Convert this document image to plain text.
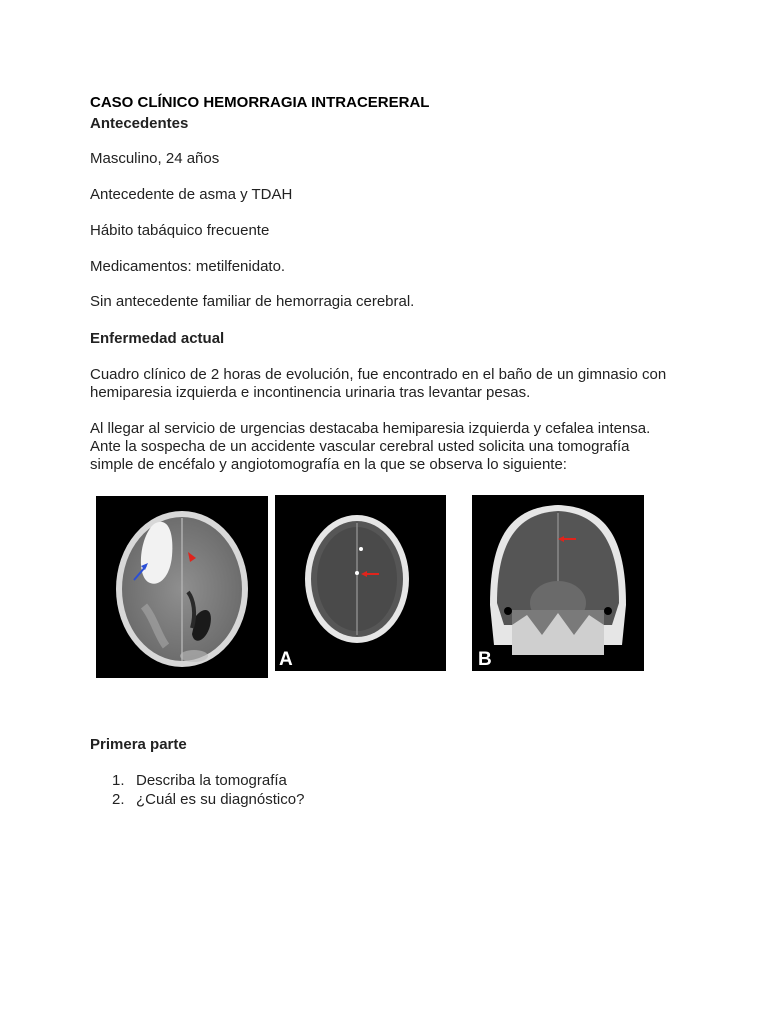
CASO CLÍNICO HEMORRAGIA INTRACERERAL
Antecedentes
Masculino, 24 años
Antecedente de asma y TDAH
Hábito tabáquico frecuente
Medicamentos: metilfenidato.
Sin antecedente familiar de hemorragia cerebral.
Enfermedad actual
Cuadro clínico de 2 horas de evolución, fue encontrado en el baño de un gimnasio con
hemiparesia izquierda e incontinencia urinaria tras levantar pesas.
Al llegar al servicio de urgencias destacaba hemiparesia izquierda y cefalea intensa.
Ante la sospecha de un accidente vascular cerebral usted solicita una tomografía
simple de encéfalo y angiotomografía en la que se observa lo siguiente:
A	B
Primera parte
1. Describa la tomografía
2. ¿Cuál es su diagnóstico?
